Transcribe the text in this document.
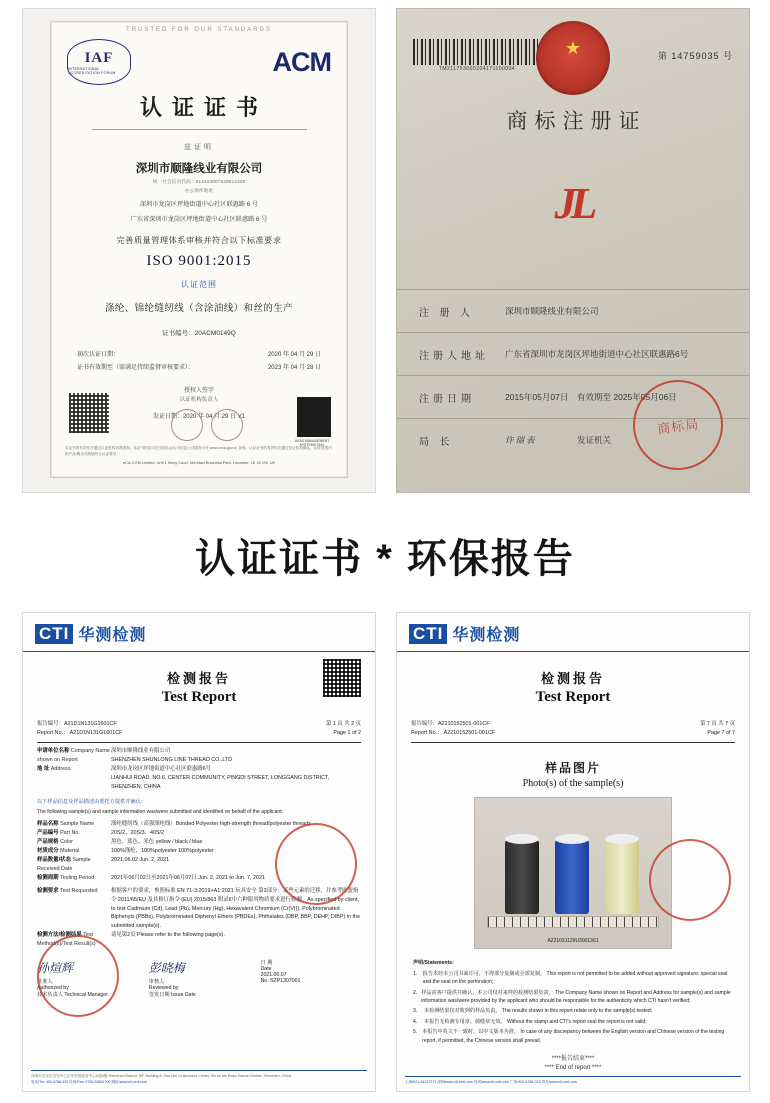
TRUSTED FOR OUR STANDARDS
IAF
INTERNATIONAL ACCREDITATION FORUM	ACM
认证证书
兹证明
深圳市顺隆线业有限公司
统一社会信用代码：914403007629812300
办公场所地址
深圳市龙岗区坪地街道中心社区联惠路 6 号
广东省深圳市龙岗区坪地街道中心社区联惠路 6 号
完善质量管理体系审核并符合以下标准要求
ISO 9001:2015
认证范围
涤纶、锦纶缝纫线（含涂油线）和丝的生产
证书编号：20ACM0149Q
初次认证日期：	2020 年 04 月 29 日
证书有效期至（需满足持续监督审核要求）：	2023 年 04 月 28 日
授权人签字
认证机构负责人
发证日期：2020 年 04 月 29 日 V1
UKAS MANAGEMENT SYSTEMS 0161
本证书的有效性可通过认证机构官网查询。本证书信息可在全国认证认可信息公共服务平台 www.cnca.gov.cn 查询。认证证书的有效性应通过发证机构确认，认证范围内的产品/服务须持续符合认证要求。
eCA-COM Limited, Unit 1 Moxy Court, Meridian Business Park, Leicester, LE 19 1W, UK
TM211753000204171100004
★	第 14759035 号
商标注册证
JL
注 册 人	深圳市顺隆线业有限公司
注册人地址	广东省深圳市龙岗区坪地街道中心社区联惠路6号
注册日期	2015年05月07日	有效期至 2025年05月06日
局 长	许瑞表	发证机关
商标局
认证证书 * 环保报告
CTI 华测检测
检测报告
Test Report
报告编号：A21D1N131G1601CF
Report No.： A21D1N131G1601CF
第 1 页 共 2 页
Page 1 of 2
申请单位名称 Company Name shown on Report
深圳市顺隆线业有限公司
SHENZHEN SHUNLONG LINE THREAD CO.,LTD
地 址 Address	深圳市龙岗区坪地街道中心社区联惠路6号
LIANHUI ROAD, NO.6, CENTER COMMUNITY, PINGDI STREET, LONGGANG DISTRICT, SHENZHEN, CHINA
以下样品信息及样品描述由委托方提供并确认：
The following sample(s) and sample information was/were submitted and identified on behalf of the applicant:
样品名称 Sample Name	涤纶缝纫线（高强涤纶线）Bonded Polyester high-strength thread/polyester threads
产品编号 Part No.	20S/2、20S/3、40S/2
产品规格 Color	黑色、蓝色、米色 yellow / black / blue
材质成分 Material	100%涤纶、100%polyester 100%polyester
样品数量/状态 Sample Received Date
2021.06.02 Jun. 2, 2021
检测周期 Testing Period	2021年06月02日至2021年06月07日 Jun. 2, 2021 to Jun. 7, 2021
检测要求 Test Requested	根据客户的要求，参照标准 EN 71-3:2019+A1:2021 玩具安全 第3部分：某些元素的迁移，并参考欧盟指令 2011/65/EU 及其修订指令 (EU) 2015/863 附录II中六种限用物质要求进行检测。As specified by client, to test Cadmium (Cd), Lead (Pb), Mercury (Hg), Hexavalent Chromium (Cr(VI)), Polybrominated Biphenyls (PBBs), Polybrominated Diphenyl Ethers (PBDEs), Phthalates (DBP, BBP, DEHP, DIBP) in the submitted sample(s).
检测方法/检测结果 Test Method(s)/Test Result(s)
请见第2页 Please refer to the following page(s).
孙煊辉
批准人
Authorized by
技术负责人 Technical Manager
彭晓梅
审核人
Reviewed by
签发日期 Issue Date
日 期
Date
2021.06.07
No. SZP1307001
深圳市宝安区宝安中心区华美居商务中心A座5楼 Shenzhen Branch: 5/F, Building A, Hua Mei Ju Business Center, Xin'an 6th Road, Bao'an District, Shenzhen, China
电话/Tel: 400-6788-333 传真/Fax: 0755-33681700 网址/www.cti-cert.com
CTI 华测检测
检测报告
Test Report
报告编号：A2210152501-001CF
Report No.： A2210152501-001CF
第 7 页 共 7 页
Page 7 of 7
样品图片
Photo(s) of the sample(s)
A221031129U3001361
声明/Statements:
1. 报告未经本公司书面许可，不得部分复制或全部复制。 This report is not permitted to be added without approved signature, special seal and the seal on the perforation;
2. 样品由客户提供并确认，本公司仅对来样的检测结果负责。 The Company Name shown on Report and Address for sample(s) and sample information was/were provided by the applicant who should be responsible for the authenticity which CTI hasn't verified;
3.	本检测结果仅对收到的样品负责。 The results shown in this report relate only to the sample(s) tested;
4.	本报告无检测专用章、骑缝章无效。 Without the stamp and CTI's report seal the report is not valid;
5. 本报告中英文不一致时，以中文版本为准。 In case of any discrepancy between the English version and Chinese version of the testing report, if permitted, the Chinese version shall prevail.
****报告结束****
**** End of report ****
上海/021-54337377 深圳/www.cti-cert.com 苏州/www.cti-cert.com 广州/400-6788-333 青岛/www.cti-cert.com
